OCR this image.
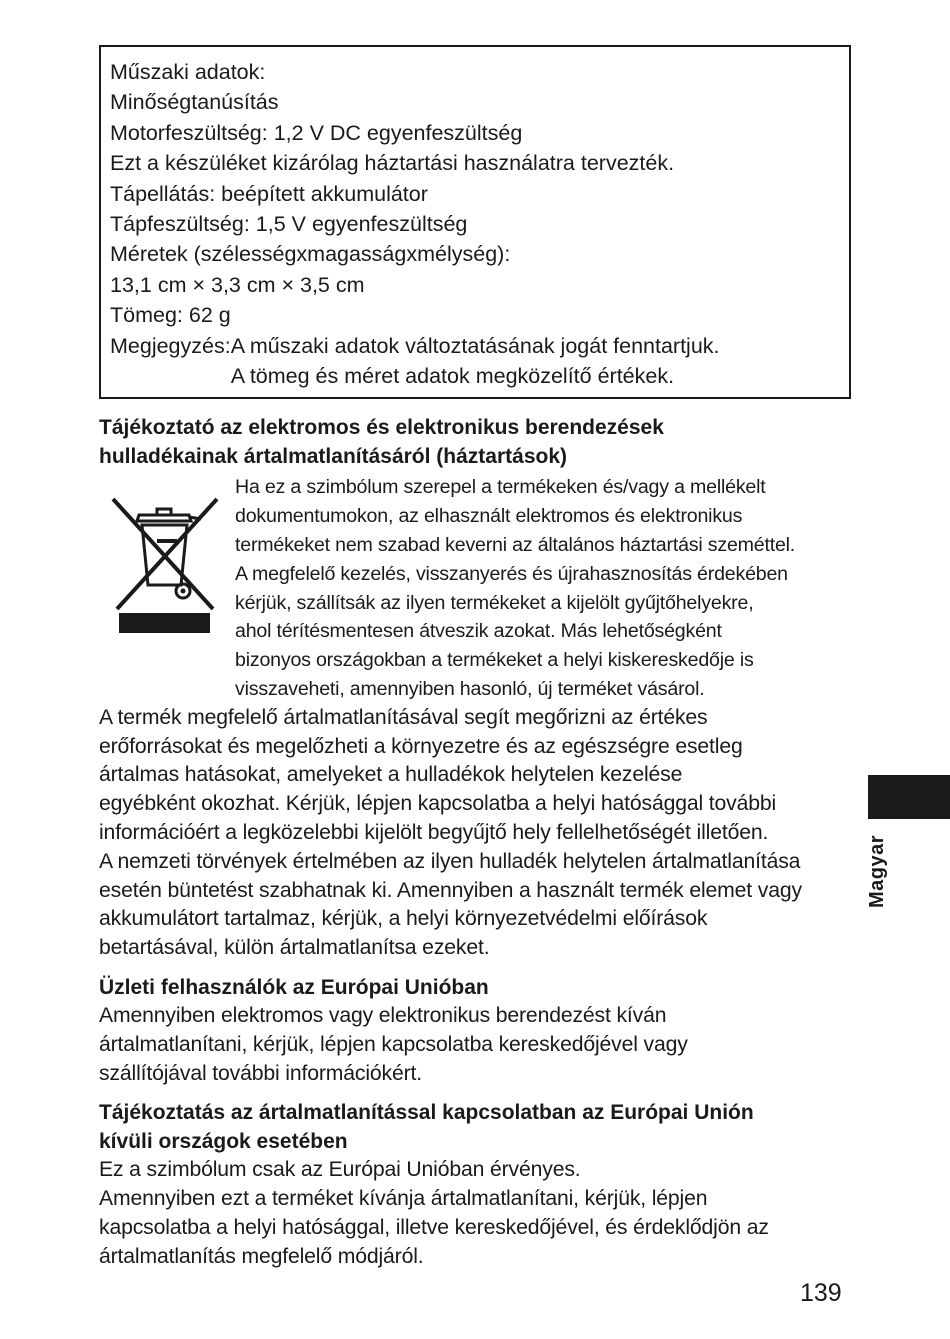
Műszaki adatok:
Minőségtanúsítás
Motorfeszültség: 1,2 V DC egyenfeszültség
Ezt a készüléket kizárólag háztartási használatra tervezték.
Tápellátás: beépített akkumulátor
Tápfeszültség: 1,5 V egyenfeszültség
Méretek (szélességxmagasságxmélység):
13,1 cm × 3,3 cm × 3,5 cm
Tömeg: 62 g
Megjegyzés: A műszaki adatok változtatásának jogát fenntartjuk.
A tömeg és méret adatok megközelítő értékek.
Tájékoztató az elektromos és elektronikus berendezések
hulladékainak ártalmatlanításáról (háztartások)
Ha ez a szimbólum szerepel a termékeken és/vagy a mellékelt
dokumentumokon, az elhasznált elektromos és elektronikus
termékeket nem szabad keverni az általános háztartási szeméttel.
A megfelelő kezelés, visszanyerés és újrahasznosítás érdekében
kérjük, szállítsák az ilyen termékeket a kijelölt gyűjtőhelyekre,
ahol térítésmentesen átveszik azokat. Más lehetőségként
bizonyos országokban a termékeket a helyi kiskereskedője is
visszaveheti, amennyiben hasonló, új terméket vásárol.
A termék megfelelő ártalmatlanításával segít megőrizni az értékes
erőforrásokat és megelőzheti a környezetre és az egészségre esetleg
ártalmas hatásokat, amelyeket a hulladékok helytelen kezelése
egyébként okozhat. Kérjük, lépjen kapcsolatba a helyi hatósággal további
információért a legközelebbi kijelölt begyűjtő hely fellelhetőségét illetően.
A nemzeti törvények értelmében az ilyen hulladék helytelen ártalmatlanítása
esetén büntetést szabhatnak ki. Amennyiben a használt termék elemet vagy
akkumulátort tartalmaz, kérjük, a helyi környezetvédelmi előírások
betartásával, külön ártalmatlanítsa ezeket.
Üzleti felhasználók az Európai Unióban
Amennyiben elektromos vagy elektronikus berendezést kíván
ártalmatlanítani, kérjük, lépjen kapcsolatba kereskedőjével vagy
szállítójával további információkért.
Tájékoztatás az ártalmatlanítással kapcsolatban az Európai Unión
kívüli országok esetében
Ez a szimbólum csak az Európai Unióban érvényes.
Amennyiben ezt a terméket kívánja ártalmatlanítani, kérjük, lépjen
kapcsolatba a helyi hatósággal, illetve kereskedőjével, és érdeklődjön az
ártalmatlanítás megfelelő módjáról.
Magyar
139
